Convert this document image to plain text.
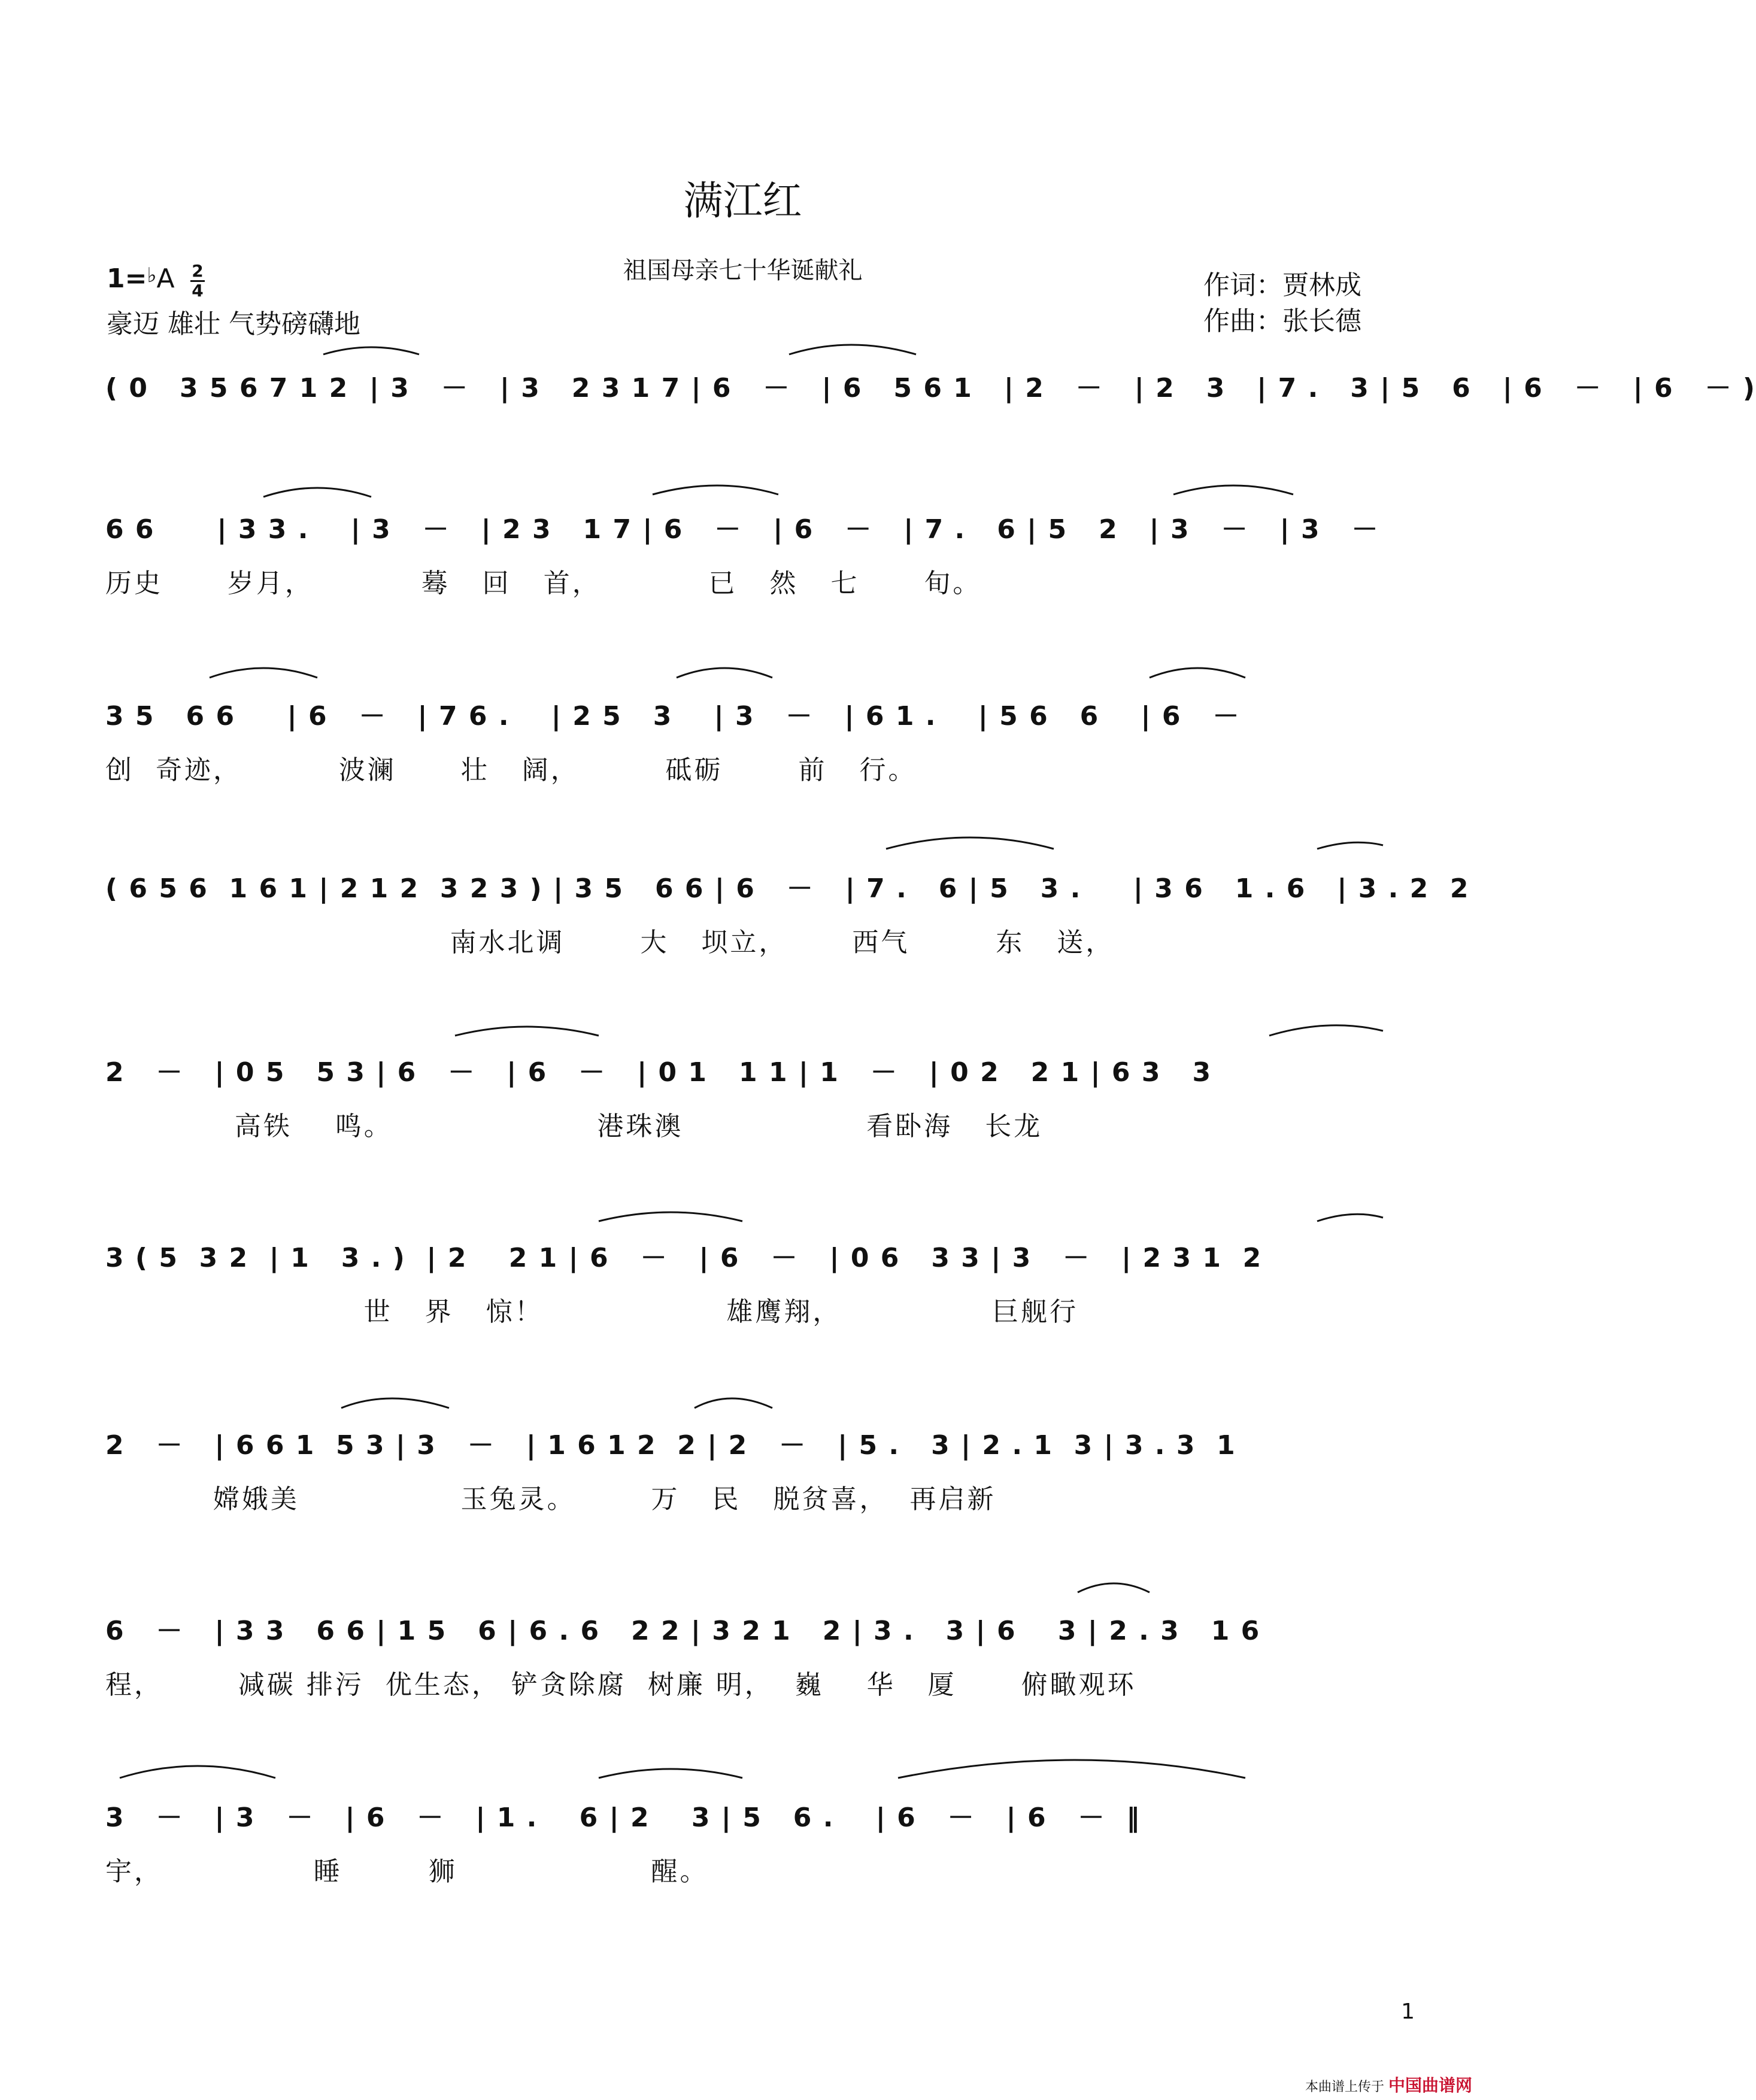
满江红
祖国母亲七十华诞献礼
1=♭A 2
4
豪迈 雄壮 气势磅礴地
作词：贾林成
作曲：张长德
( 0   3 5 6 7 1 2  | 3   －   | 3   2 3 1 7 | 6   －   | 6   5 6 1   | 2   －   | 2   3   | 7 .   3 | 5   6   | 6   －   | 6   － )
6 6      | 3 3 .    | 3   －   | 2 3   1 7 | 6   －   | 6   －   | 7 .   6 | 5   2   | 3   －   | 3   －
历史      岁月，          蓦   回   首，          已   然   七      旬。
3 5   6 6     | 6   －   | 7 6 .    | 2 5   3    | 3   －   | 6 1 .    | 5 6   6    | 6   －
创  奇迹，         波澜      壮   阔，        砥砺       前   行。
( 6 5 6  1 6 1 | 2 1 2  3 2 3 ) | 3 5   6 6 | 6   －   | 7 .   6 | 5   3 .     | 3 6   1 . 6   | 3 . 2  2
南水北调       大   坝立，      西气        东   送，
2   －   | 0 5   5 3 | 6   －   | 6   －   | 0 1   1 1 | 1   －   | 0 2   2 1 | 6 3   3
高铁    鸣。                   港珠澳                 看卧海   长龙
3 ( 5  3 2  | 1   3 . )  | 2    2 1 | 6   －   | 6   －   | 0 6   3 3 | 3   －   | 2 3 1  2
世   界   惊！                 雄鹰翔，              巨舰行
2   －   | 6 6 1  5 3 | 3   －   | 1 6 1 2  2 | 2   －   | 5 .   3 | 2 . 1  3 | 3 . 3  1
嫦娥美               玉兔灵。       万   民   脱贫喜，  再启新
6   －   | 3 3   6 6 | 1 5   6 | 6 . 6   2 2 | 3 2 1   2 | 3 .   3 | 6    3 | 2 . 3   1 6
程，       减碳 排污  优生态， 铲贪除腐  树廉 明，  巍    华   厦      俯瞰观环
3   －   | 3   －   | 6   －   | 1 .    6 | 2    3 | 5   6 .    | 6   －   | 6   －  ‖
宇，              睡        狮                  醒。
1
本曲谱上传于 中国曲谱网
